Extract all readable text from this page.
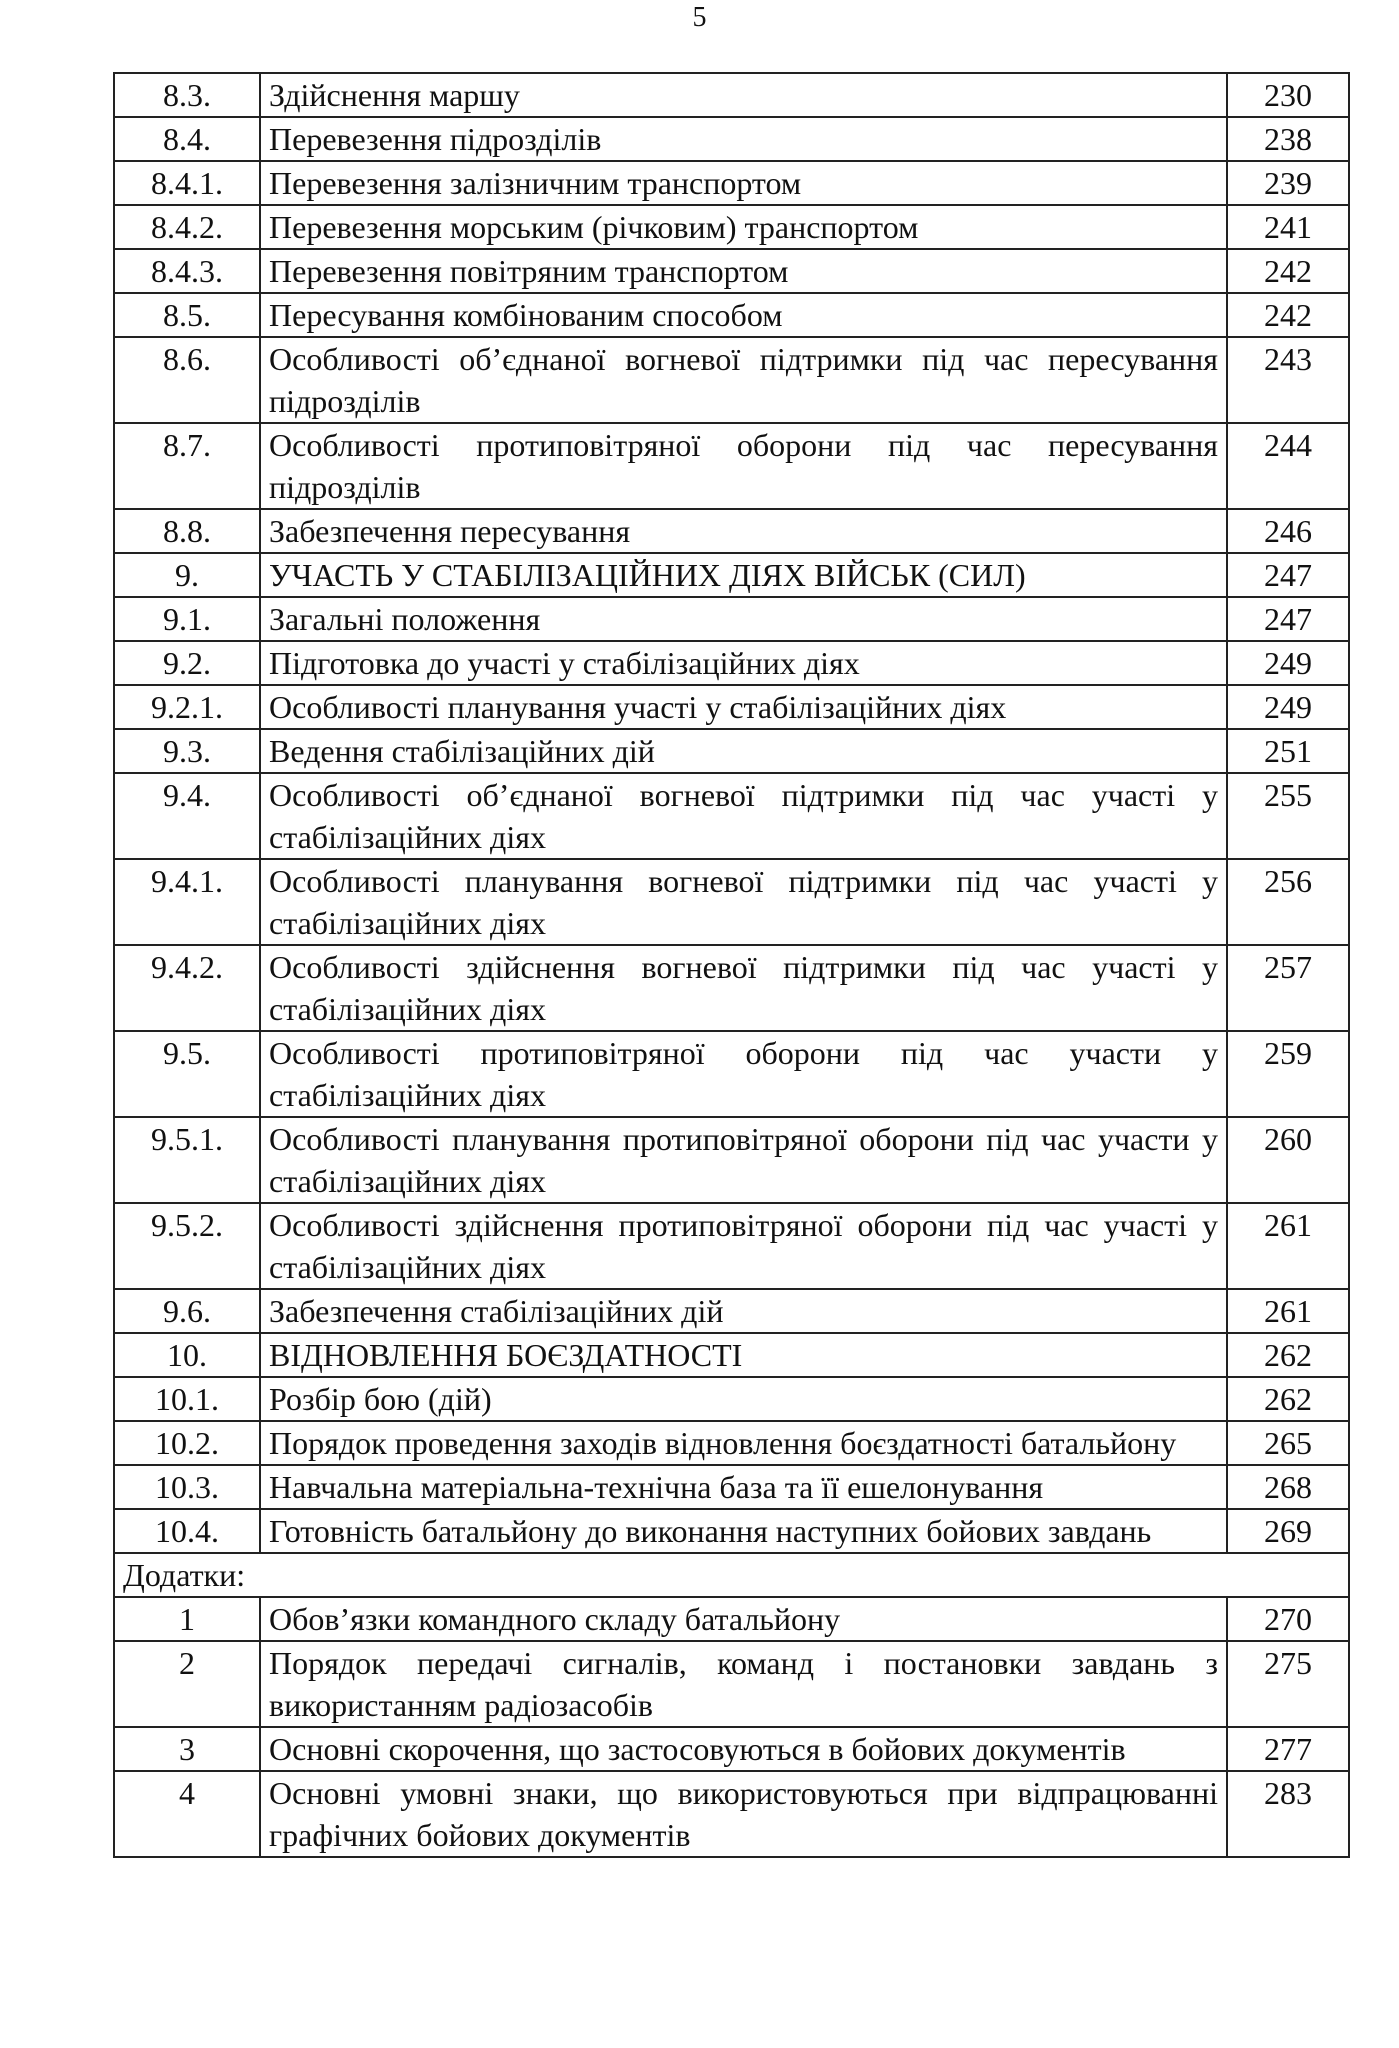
5
8.3.	Здійснення маршу	230
8.4.	Перевезення підрозділів	238
8.4.1.	Перевезення залізничним транспортом	239
8.4.2.	Перевезення морським (річковим) транспортом	241
8.4.3.	Перевезення повітряним транспортом	242
8.5.	Пересування комбінованим способом	242
8.6.	Особливості об’єднаної вогневої підтримки під час пересування підрозділів	243
8.7.	Особливості протиповітряної оборони під час пересування підрозділів	244
8.8.	Забезпечення пересування	246
9.	УЧАСТЬ У СТАБІЛІЗАЦІЙНИХ ДІЯХ ВІЙСЬК (СИЛ)	247
9.1.	Загальні положення	247
9.2.	Підготовка до участі у стабілізаційних діях	249
9.2.1.	Особливості планування участі у стабілізаційних діях	249
9.3.	Ведення стабілізаційних дій	251
9.4.	Особливості об’єднаної вогневої підтримки під час участі у стабілізаційних діях	255
9.4.1.	Особливості планування вогневої підтримки під час участі у стабілізаційних діях	256
9.4.2.	Особливості здійснення вогневої підтримки під час участі у стабілізаційних діях	257
9.5.	Особливості протиповітряної оборони під час участи у стабілізаційних діях	259
9.5.1.	Особливості планування протиповітряної оборони під час участи у стабілізаційних діях	260
9.5.2.	Особливості здійснення протиповітряної оборони під час участі у стабілізаційних діях	261
9.6.	Забезпечення стабілізаційних дій	261
10.	ВІДНОВЛЕННЯ БОЄЗДАТНОСТІ	262
10.1.	Розбір бою (дій)	262
10.2.	Порядок проведення заходів відновлення боєздатності батальйону	265
10.3.	Навчальна матеріальна-технічна база та її ешелонування	268
10.4.	Готовність батальйону до виконання наступних бойових завдань	269
Додатки:		
1	Обов’язки командного складу батальйону	270
2	Порядок передачі сигналів, команд і постановки завдань з використанням радіозасобів	275
3	Основні скорочення, що застосовуються в бойових документів	277
4	Основні умовні знаки, що використовуються при відпрацюванні графічних бойових документів	283
